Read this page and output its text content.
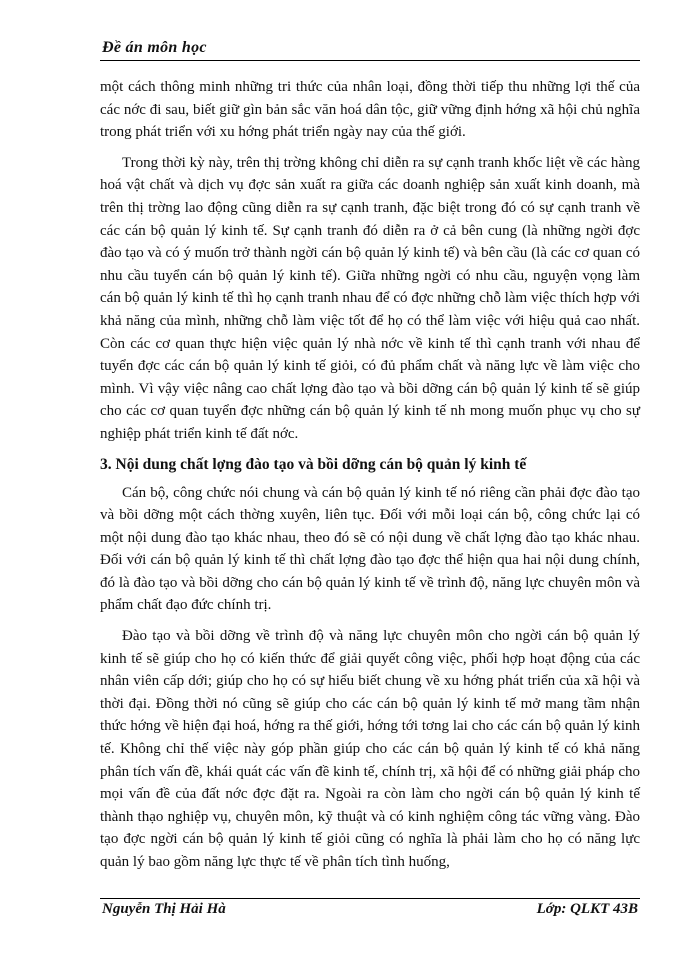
Đề án môn học

một cách thông minh những tri thức của nhân loại, đồng thời tiếp thu những lợi thế của các nớc đi sau, biết giữ gìn bản sắc văn hoá dân tộc, giữ vững định hớng xã hội chủ nghĩa trong phát triển với xu hớng phát triển ngày nay của thế giới.

Trong thời kỳ này, trên thị trờng không chỉ diễn ra sự cạnh tranh khốc liệt về các hàng hoá vật chất và dịch vụ đợc sản xuất ra giữa các doanh nghiệp sản xuất kinh doanh, mà trên thị trờng lao động cũng diễn ra sự cạnh tranh, đặc biệt trong đó có sự cạnh tranh về các cán bộ quản lý kinh tế. Sự cạnh tranh đó diễn ra ở cả bên cung (là những ngời đợc đào tạo và có ý muốn trở thành ngời cán bộ quản lý kinh tế) và bên cầu (là các cơ quan có nhu cầu tuyển cán bộ quản lý kinh tế). Giữa những ngời có nhu cầu, nguyện vọng làm cán bộ quản lý kinh tế thì họ cạnh tranh nhau để có đợc những chỗ làm việc thích hợp với khả năng của mình, những chỗ làm việc tốt để họ có thể làm việc với hiệu quả cao nhất. Còn các cơ quan thực hiện việc quản lý nhà nớc về kinh tế thì cạnh tranh với nhau để tuyển đợc các cán bộ quản lý kinh tế giỏi, có đủ phẩm chất và năng lực về làm việc cho mình. Vì vậy việc nâng cao chất lợng đào tạo và bồi dỡng cán bộ quản lý kinh tế sẽ giúp cho các cơ quan tuyển đợc những cán bộ quản lý kinh tế nh mong muốn phục vụ cho sự nghiệp phát triển kinh tế đất nớc.

3. Nội dung chất lợng đào tạo và bồi dỡng cán bộ quản lý kinh tế

Cán bộ, công chức nói chung và cán bộ quản lý kinh tế nó riêng cần phải đợc đào tạo và bồi dỡng một cách thờng xuyên, liên tục. Đối với mỗi loại cán bộ, công chức lại có một nội dung đào tạo khác nhau, theo đó sẽ có nội dung về chất lợng đào tạo khác nhau. Đối với cán bộ quản lý kinh tế thì chất lợng đào tạo đợc thể hiện qua hai nội dung chính, đó là đào tạo và bồi dỡng cho cán bộ quản lý kinh tế về trình độ, năng lực chuyên môn và phẩm chất đạo đức chính trị.

Đào tạo và bồi dỡng về trình độ và năng lực chuyên môn cho ngời cán bộ quản lý kinh tế sẽ giúp cho họ có kiến thức để giải quyết công việc, phối hợp hoạt động của các nhân viên cấp dới; giúp cho họ có sự hiểu biết chung về xu hớng phát triển của xã hội và thời đại. Đồng thời nó cũng sẽ giúp cho các cán bộ quản lý kinh tế mở mang tầm nhận thức hớng về hiện đại hoá, hớng ra thế giới, hớng tới tơng lai cho các cán bộ quản lý kinh tế. Không chỉ thế việc này góp phần giúp cho các cán bộ quản lý kinh tế có khả năng phân tích vấn đề, khái quát các vấn đề kinh tế, chính trị, xã hội để có những giải pháp cho mọi vấn đề của đất nớc đợc đặt ra. Ngoài ra còn làm cho ngời cán bộ quản lý kinh tế thành thạo nghiệp vụ, chuyên môn, kỹ thuật và có kinh nghiệm công tác vững vàng. Đào tạo đợc ngời cán bộ quản lý kinh tế giỏi cũng có nghĩa là phải làm cho họ có năng lực quản lý bao gồm năng lực thực tế về phân tích tình huống,

Nguyễn Thị Hải Hà	Lớp: QLKT 43B
